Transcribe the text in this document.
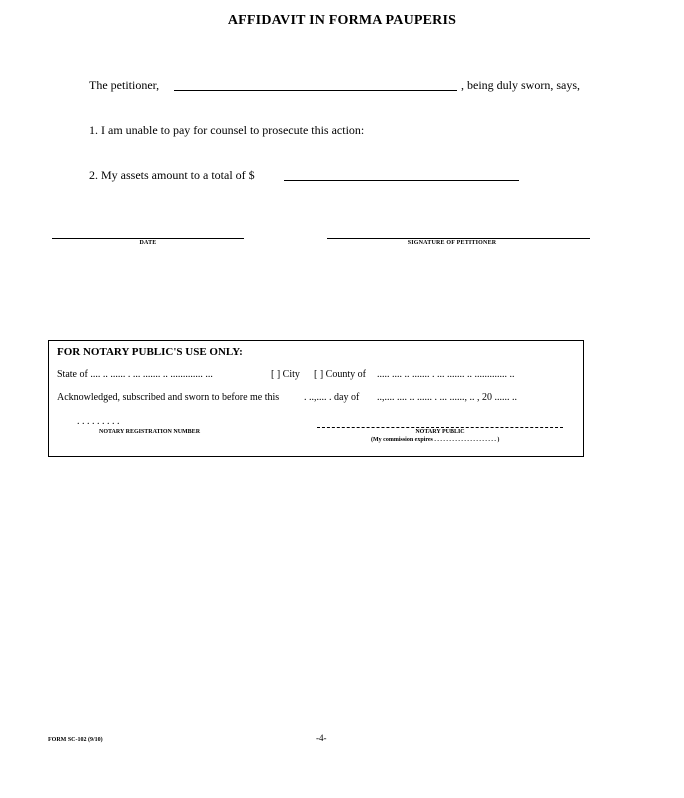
AFFIDAVIT IN FORMA PAUPERIS
The petitioner,	, being duly sworn, says,
1. I am unable to pay for counsel to prosecute this action:
2. My assets amount to a total of $
DATE	SIGNATURE OF PETITIONER
FOR NOTARY PUBLIC'S USE ONLY:
State of .... .. ...... . ... ....... .. ............. ...	[ ] City [ ] County of ..... .... .. ....... . ... ....... .. ............. ..
Acknowledged, subscribed and sworn to before me this . ..,.... . day of ..,.... .... .. ...... . ... ......, .. , 20 ...... ..
. . . . . . . . .
NOTARY REGISTRATION NUMBER	NOTARY PUBLIC
(My commission expires . . . . . . . . . . . . . . . . . . . . . )
FORM SC-102 (9/10)	-4-
